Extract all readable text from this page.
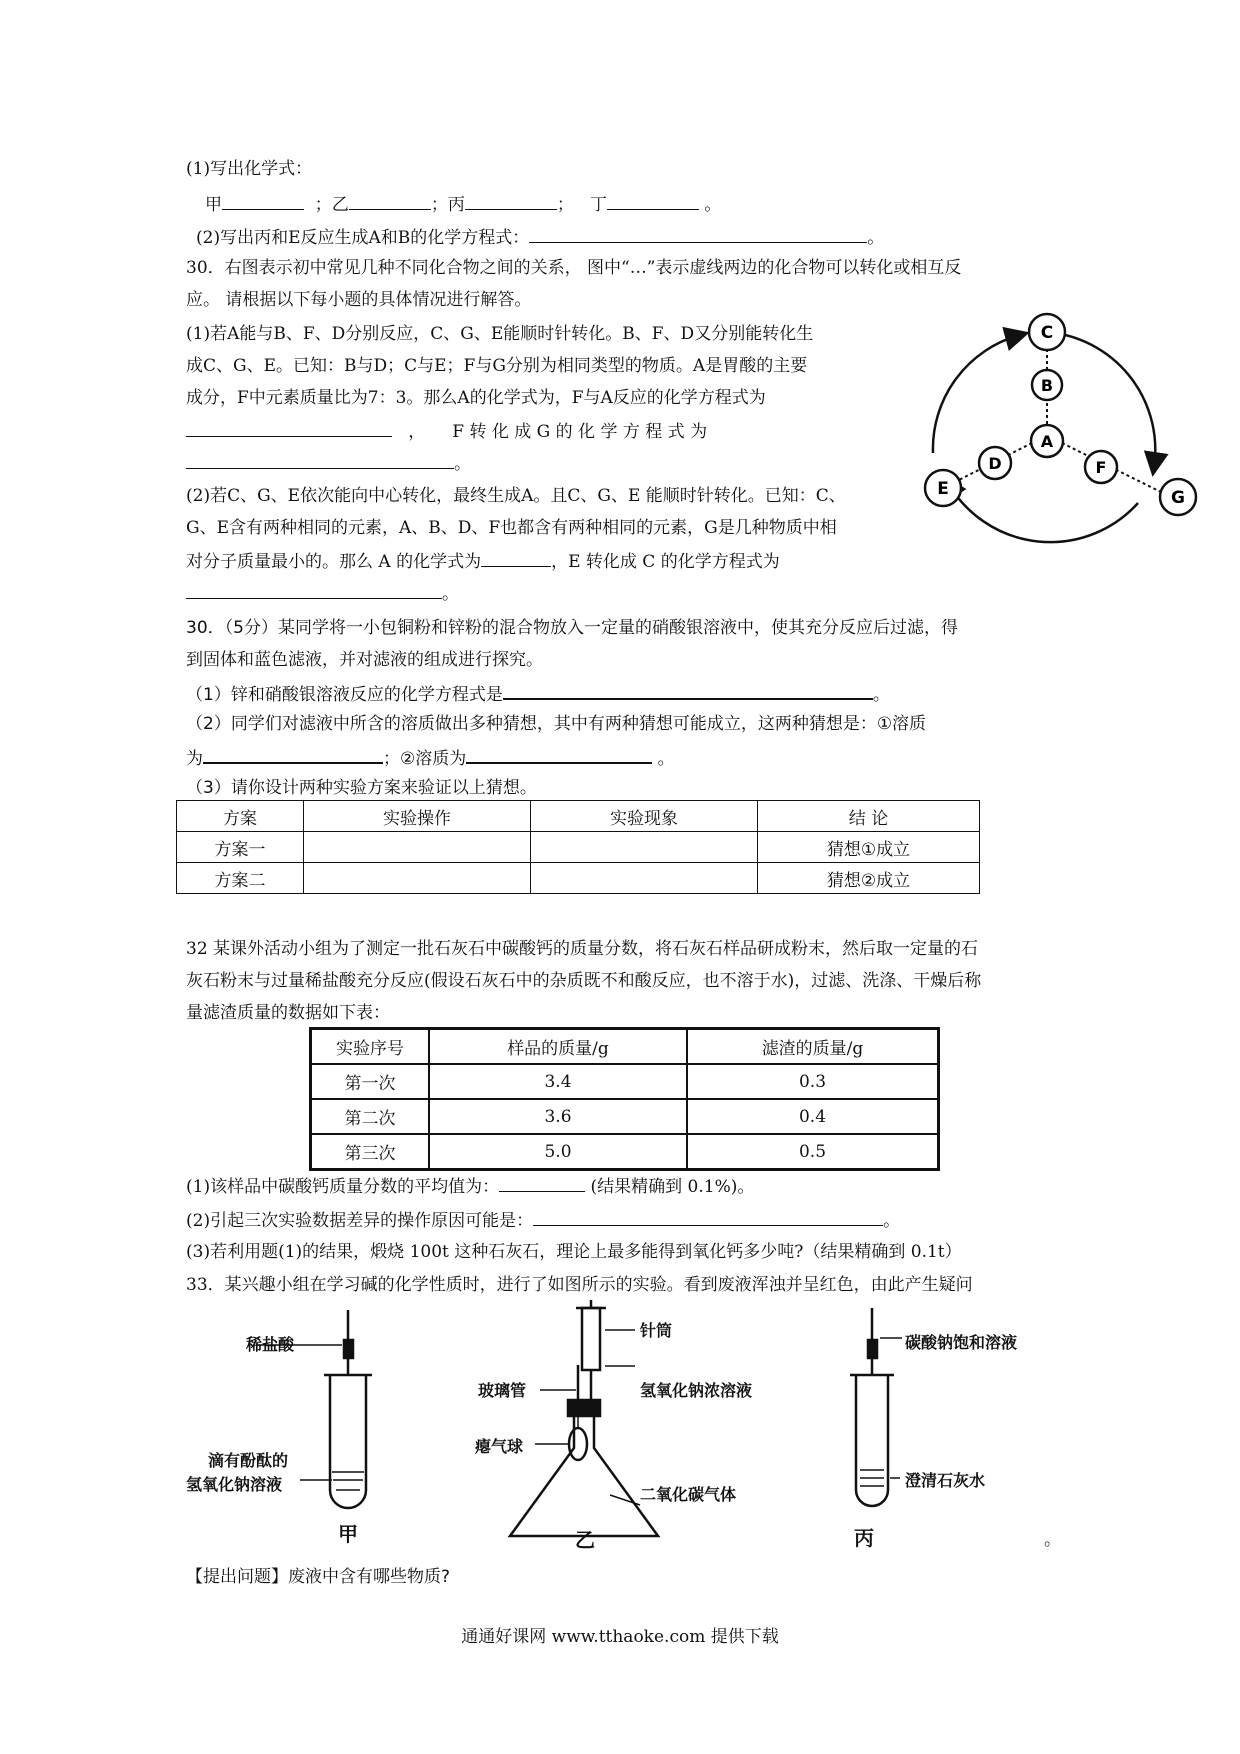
(1)写出化学式：
甲	；乙	；丙	；   丁	。
(2)写出丙和E反应生成A和B的化学方程式：	。
30．右图表示初中常见几种不同化合物之间的关系， 图中“…”表示虚线两边的化合物可以转化或相互反
应。 请根据以下每小题的具体情况进行解答。
(1)若A能与B、F、D分别反应，C、G、E能顺时针转化。B、F、D又分别能转化生
成C、G、E。已知：B与D；C与E；F与G分别为相同类型的物质。A是胃酸的主要
成分，F中元素质量比为7：3。那么A的化学式为，F与A反应的化学方程式为
， F 转 化 成 G 的 化 学 方 程 式 为
。
(2)若C、G、E依次能向中心转化，最终生成A。且C、G、E 能顺时针转化。已知：C、
G、E含有两种相同的元素，A、B、D、F也都含有两种相同的元素，G是几种物质中相
对分子质量最小的。那么 A 的化学式为	，E 转化成 C 的化学方程式为
。
C
B
A
D	F
E	G
30．（5分）某同学将一小包铜粉和锌粉的混合物放入一定量的硝酸银溶液中，使其充分反应后过滤，得
到固体和蓝色滤液，并对滤液的组成进行探究。
（1）锌和硝酸银溶液反应的化学方程式是	。
（2）同学们对滤液中所含的溶质做出多种猜想，其中有两种猜想可能成立，这两种猜想是：①溶质
为	；②溶质为	。
（3）请你设计两种实验方案来验证以上猜想。
方案	实验操作	实验现象	结 论
方案一			猜想①成立
方案二			猜想②成立
32 某课外活动小组为了测定一批石灰石中碳酸钙的质量分数，将石灰石样品研成粉末，然后取一定量的石
灰石粉末与过量稀盐酸充分反应(假设石灰石中的杂质既不和酸反应，也不溶于水)，过滤、洗涤、干燥后称
量滤渣质量的数据如下表：
实验序号	样品的质量/g	滤渣的质量/g
第一次	3.4	0.3
第二次	3.6	0.4
第三次	5.0	0.5
(1)该样品中碳酸钙质量分数的平均值为：	(结果精确到 0.1%)。
(2)引起三次实验数据差异的操作原因可能是：	。
(3)若利用题(1)的结果，煅烧 100t 这种石灰石，理论上最多能得到氧化钙多少吨?（结果精确到 0.1t）
33．某兴趣小组在学习碱的化学性质时，进行了如图所示的实验。看到废液浑浊并呈红色，由此产生疑问
稀盐酸
滴有酚酞的
氢氧化钠溶液
甲
针筒
玻璃管	氢氧化钠浓溶液
瘪气球
二氧化碳气体
乙
碳酸钠饱和溶液
澄清石灰水
丙	。
【提出问题】废液中含有哪些物质?
通通好课网 www.tthaoke.com 提供下载
